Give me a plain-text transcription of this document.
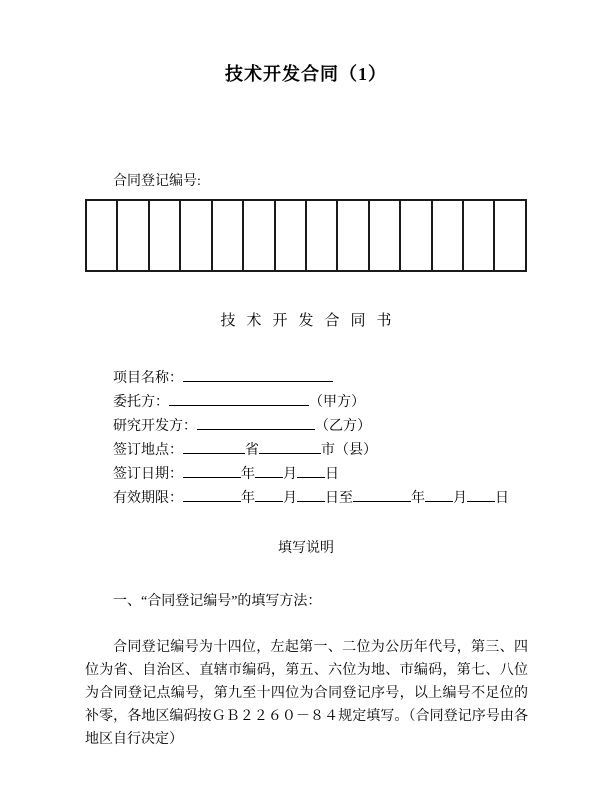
技术开发合同（1）
合同登记编号:
技术开发合同书
项目名称：
委托方：	（甲方）
研究开发方：	（乙方）
签订地点：	省	市（县）
签订日期：	年 月 日
有效期限：	年 月 日至	年 月 日
填写说明
一、“合同登记编号”的填写方法：
合同登记编号为十四位，左起第一、二位为公历年代号，第三、四位为省、自治区、直辖市编码，第五、六位为地、市编码，第七、八位为合同登记点编号，第九至十四位为合同登记序号，以上编号不足位的补零，各地区编码按ＧＢ２２６０－８４规定填写。（合同登记序号由各地区自行决定）
